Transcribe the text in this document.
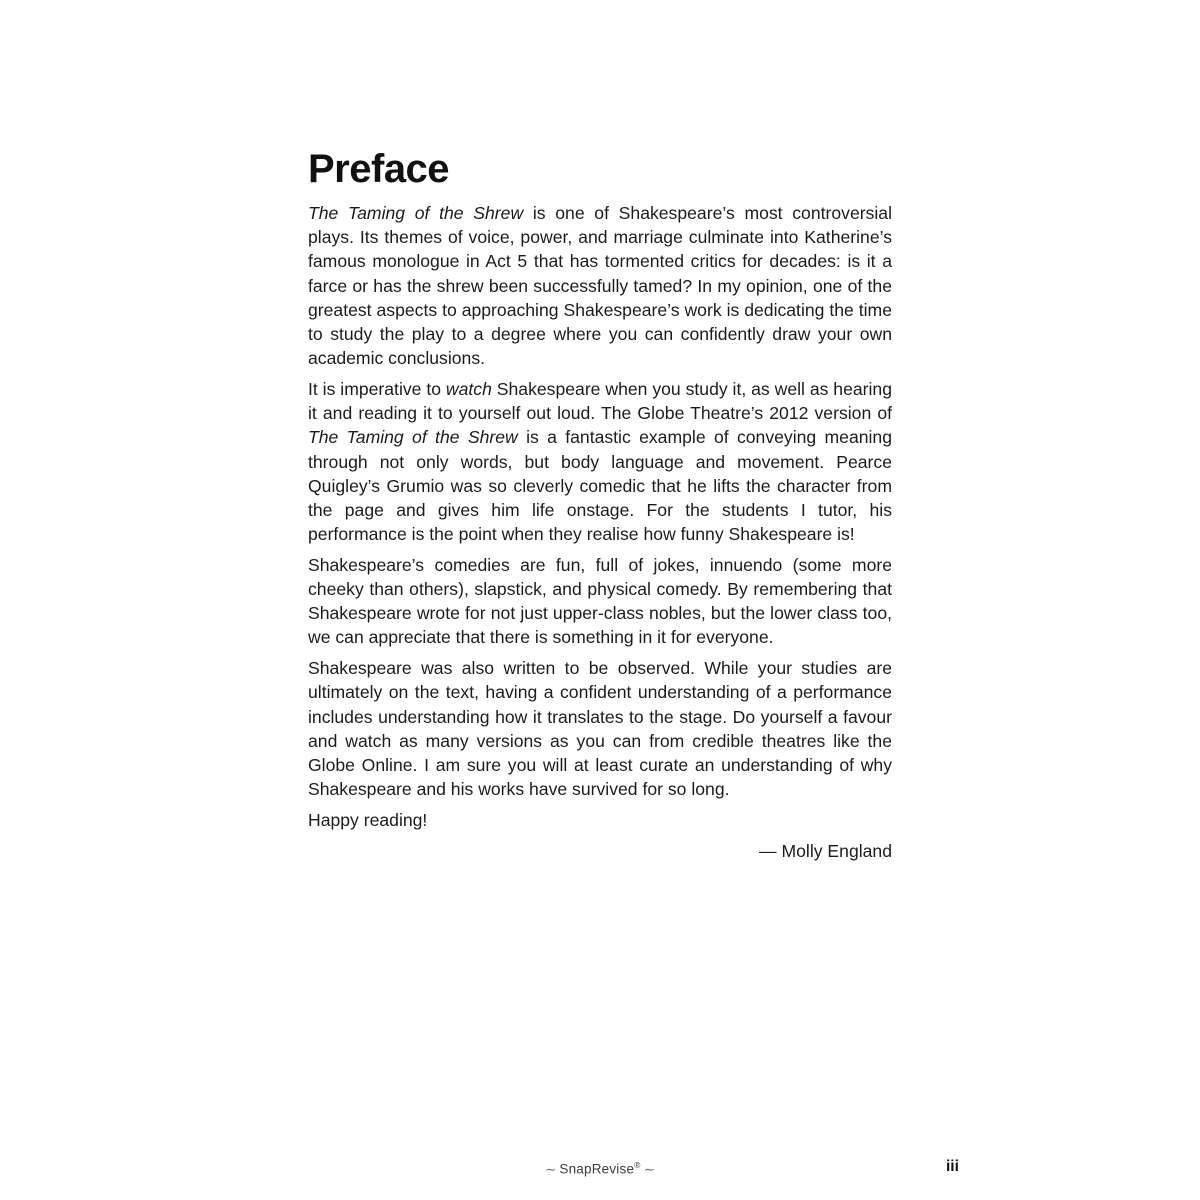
Preface

The Taming of the Shrew is one of Shakespeare’s most controversial plays. Its themes of voice, power, and marriage culminate into Katherine’s famous monologue in Act 5 that has tormented critics for decades: is it a farce or has the shrew been successfully tamed? In my opinion, one of the greatest aspects to approaching Shakespeare’s work is dedicating the time to study the play to a degree where you can confidently draw your own academic conclusions.

It is imperative to watch Shakespeare when you study it, as well as hearing it and reading it to yourself out loud. The Globe Theatre’s 2012 version of The Taming of the Shrew is a fantastic example of conveying meaning through not only words, but body language and movement. Pearce Quigley’s Grumio was so cleverly comedic that he lifts the character from the page and gives him life onstage. For the students I tutor, his performance is the point when they realise how funny Shakespeare is!

Shakespeare’s comedies are fun, full of jokes, innuendo (some more cheeky than others), slapstick, and physical comedy. By remembering that Shakespeare wrote for not just upper-class nobles, but the lower class too, we can appreciate that there is something in it for everyone.

Shakespeare was also written to be observed. While your studies are ultimately on the text, having a confident understanding of a performance includes understanding how it translates to the stage. Do yourself a favour and watch as many versions as you can from credible theatres like the Globe Online. I am sure you will at least curate an understanding of why Shakespeare and his works have survived for so long.

Happy reading!

— Molly England

∼ SnapRevise® ∼	iii
